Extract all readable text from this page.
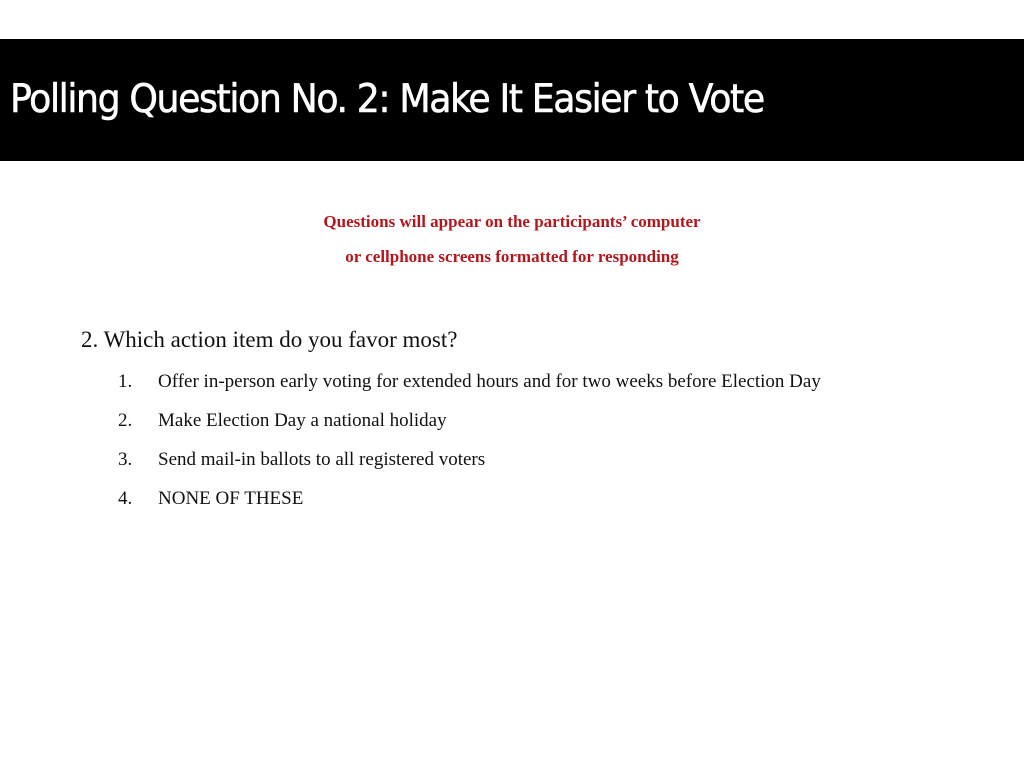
Polling Question No. 2: Make It Easier to Vote
Questions will appear on the participants’ computer
or cellphone screens formatted for responding

2. Which action item do you favor most?

1. Offer in-person early voting for extended hours and for two weeks before Election Day
2. Make Election Day a national holiday
3. Send mail-in ballots to all registered voters
4. NONE OF THESE
